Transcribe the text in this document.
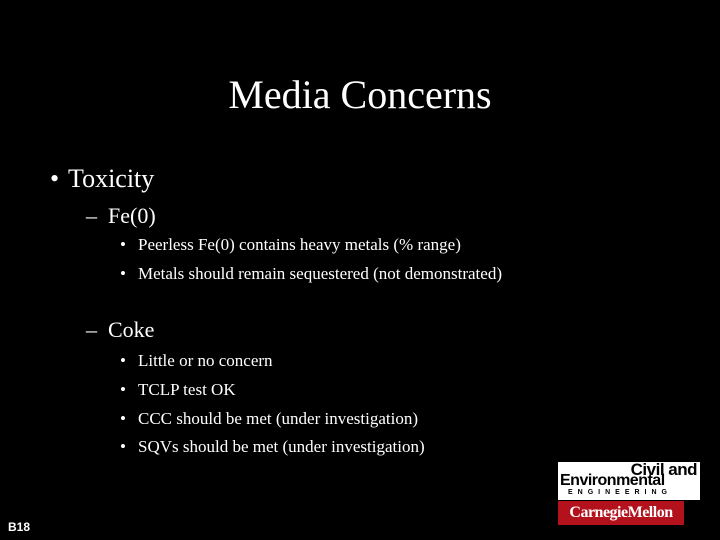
Media Concerns
• Toxicity
– Fe(0)
• Peerless Fe(0) contains heavy metals (% range)
• Metals should remain sequestered (not demonstrated)
– Coke
• Little or no concern
• TCLP test OK
• CCC should be met (under investigation)
• SQVs should be met (under investigation)
B18
Civil and
Environmental
ENGINEERING
CarnegieMellon
